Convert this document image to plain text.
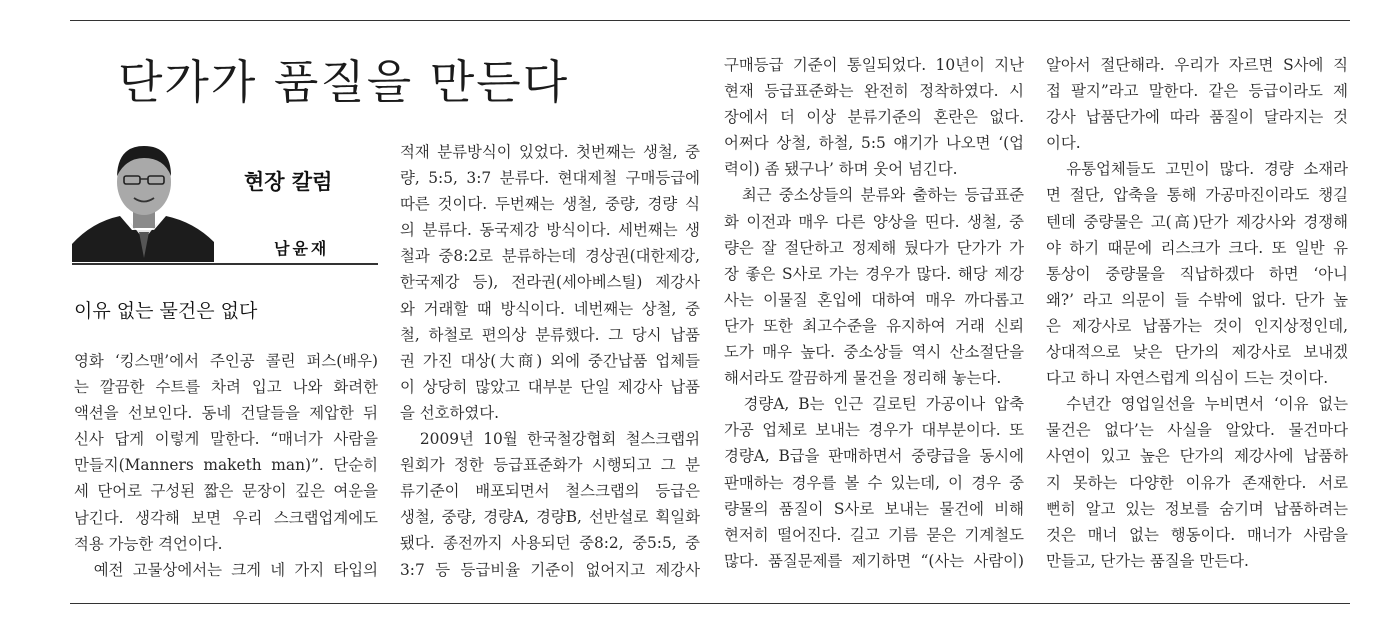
단가가 품질을 만든다
현장 칼럼
남윤재
이유 없는 물건은 없다
영화 ‘킹스맨’에서 주인공 콜린 퍼스(배우)
는 깔끔한 수트를 차려 입고 나와 화려한
액션을 선보인다. 동네 건달들을 제압한 뒤
신사 답게 이렇게 말한다. “매너가 사람을
만들지(Manners maketh man)”. 단순히
세 단어로 구성된 짧은 문장이 깊은 여운을
남긴다. 생각해 보면 우리 스크랩업계에도
적용 가능한 격언이다.
　예전 고물상에서는 크게 네 가지 타입의
적재 분류방식이 있었다. 첫번째는 생철, 중
량, 5:5, 3:7 분류다. 현대제철 구매등급에
따른 것이다. 두번째는 생철, 중량, 경량 식
의 분류다. 동국제강 방식이다. 세번째는 생
철과 중8:2로 분류하는데 경상권(대한제강,
한국제강 등), 전라권(세아베스틸) 제강사
와 거래할 때 방식이다. 네번째는 상철, 중
철, 하철로 편의상 분류했다. 그 당시 납품
권 가진 대상(大商) 외에 중간납품 업체들
이 상당히 많았고 대부분 단일 제강사 납품
을 선호하였다.
　2009년 10월 한국철강협회 철스크랩위
원회가 정한 등급표준화가 시행되고 그 분
류기준이 배포되면서 철스크랩의 등급은
생철, 중량, 경량A, 경량B, 선반설로 획일화
됐다. 종전까지 사용되던 중8:2, 중5:5, 중
3:7 등 등급비율 기준이 없어지고 제강사
구매등급 기준이 통일되었다. 10년이 지난
현재 등급표준화는 완전히 정착하였다. 시
장에서 더 이상 분류기준의 혼란은 없다.
어쩌다 상철, 하철, 5:5 얘기가 나오면 ‘(업
력이) 좀 됐구나’ 하며 웃어 넘긴다.
　최근 중소상들의 분류와 출하는 등급표준
화 이전과 매우 다른 양상을 띤다. 생철, 중
량은 잘 절단하고 정제해 뒀다가 단가가 가
장 좋은 S사로 가는 경우가 많다. 해당 제강
사는 이물질 혼입에 대하여 매우 까다롭고
단가 또한 최고수준을 유지하여 거래 신뢰
도가 매우 높다. 중소상들 역시 산소절단을
해서라도 깔끔하게 물건을 정리해 놓는다.
　경량A, B는 인근 길로틴 가공이나 압축
가공 업체로 보내는 경우가 대부분이다. 또
경량A, B급을 판매하면서 중량급을 동시에
판매하는 경우를 볼 수 있는데, 이 경우 중
량물의 품질이 S사로 보내는 물건에 비해
현저히 떨어진다. 길고 기름 묻은 기계철도
많다. 품질문제를 제기하면 “(사는 사람이)
알아서 절단해라. 우리가 자르면 S사에 직
접 팔지”라고 말한다. 같은 등급이라도 제
강사 납품단가에 따라 품질이 달라지는 것
이다.
　유통업체들도 고민이 많다. 경량 소재라
면 절단, 압축을 통해 가공마진이라도 챙길
텐데 중량물은 고(高)단가 제강사와 경쟁해
야 하기 때문에 리스크가 크다. 또 일반 유
통상이 중량물을 직납하겠다 하면 ‘아니
왜?’ 라고 의문이 들 수밖에 없다. 단가 높
은 제강사로 납품가는 것이 인지상정인데,
상대적으로 낮은 단가의 제강사로 보내겠
다고 하니 자연스럽게 의심이 드는 것이다.
　수년간 영업일선을 누비면서 ‘이유 없는
물건은 없다’는 사실을 알았다. 물건마다
사연이 있고 높은 단가의 제강사에 납품하
지 못하는 다양한 이유가 존재한다. 서로
뻔히 알고 있는 정보를 숨기며 납품하려는
것은 매너 없는 행동이다. 매너가 사람을
만들고, 단가는 품질을 만든다.
